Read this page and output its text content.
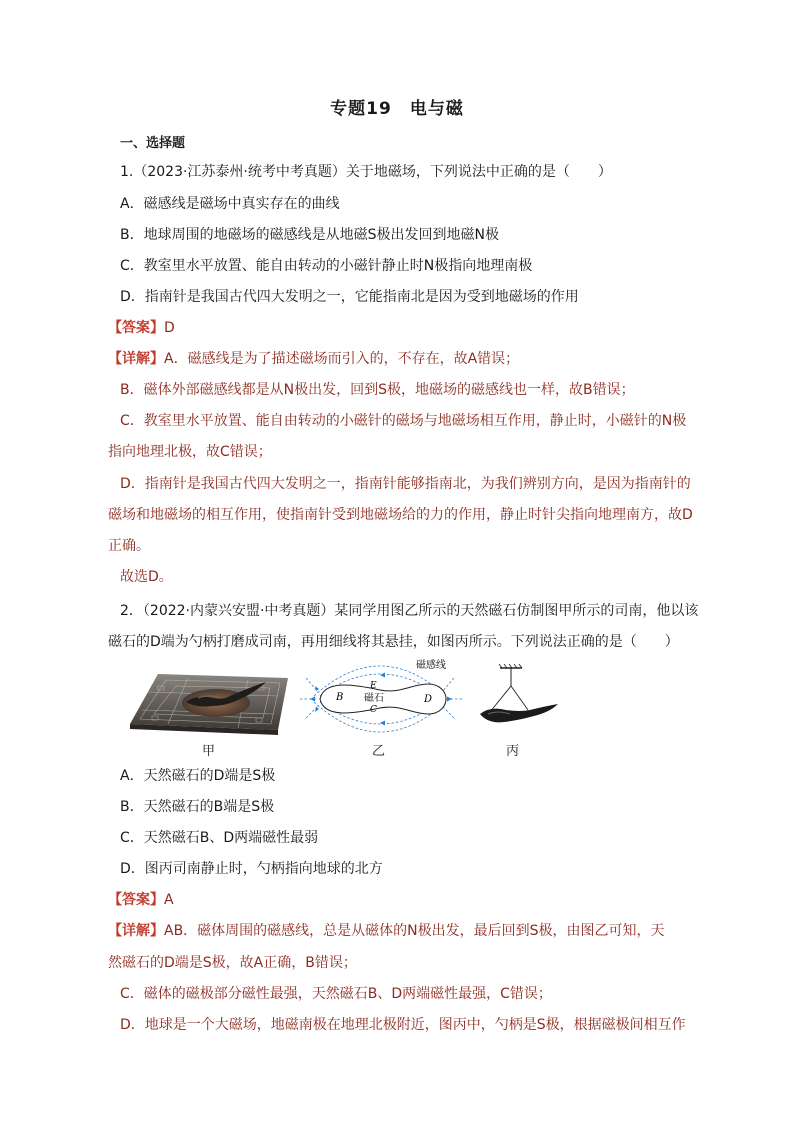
专题19　电与磁
一、选择题
1.（2023·江苏泰州·统考中考真题）关于地磁场，下列说法中正确的是（　　）
A．磁感线是磁场中真实存在的曲线
B．地球周围的地磁场的磁感线是从地磁S极出发回到地磁N极
C．教室里水平放置、能自由转动的小磁针静止时N极指向地理南极
D．指南针是我国古代四大发明之一，它能指南北是因为受到地磁场的作用
【答案】D
【详解】A．磁感线是为了描述磁场而引入的，不存在，故A错误；
B．磁体外部磁感线都是从N极出发，回到S极，地磁场的磁感线也一样，故B错误；
C．教室里水平放置、能自由转动的小磁针的磁场与地磁场相互作用，静止时，小磁针的N极
指向地理北极，故C错误；
D．指南针是我国古代四大发明之一，指南针能够指南北，为我们辨别方向，是因为指南针的
磁场和地磁场的相互作用，使指南针受到地磁场给的力的作用，静止时针尖指向地理南方，故D
正确。
故选D。
2．（2022·内蒙兴安盟·中考真题）某同学用图乙所示的天然磁石仿制图甲所示的司南，他以该
磁石的D端为勺柄打磨成司南，再用细线将其悬挂，如图丙所示。下列说法正确的是（　　）
B
E
磁石
C
D
磁感线
甲	乙	丙
A．天然磁石的D端是S极
B．天然磁石的B端是S极
C．天然磁石B、D两端磁性最弱
D．图丙司南静止时，勺柄指向地球的北方
【答案】A
【详解】AB．磁体周围的磁感线，总是从磁体的N极出发，最后回到S极，由图乙可知，天
然磁石的D端是S极，故A正确，B错误；
C．磁体的磁极部分磁性最强，天然磁石B、D两端磁性最强，C错误；
D．地球是一个大磁场，地磁南极在地理北极附近，图丙中，勺柄是S极，根据磁极间相互作
